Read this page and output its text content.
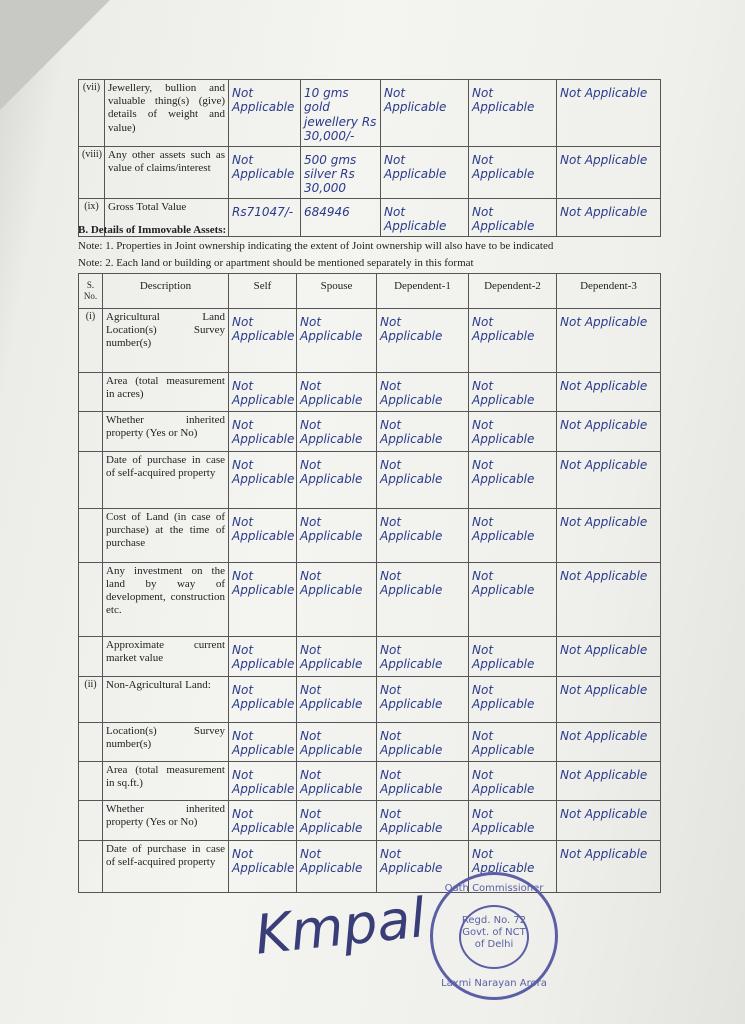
(vii)	Jewellery, bullion and valuable thing(s) (give) details of weight and value)	Not Applicable	10 gms gold jewellery Rs 30,000/-	Not Applicable	Not Applicable	Not Applicable
(viii)	Any other assets such as value of claims/interest	Not Applicable	500 gms silver Rs 30,000	Not Applicable	Not Applicable	Not Applicable
(ix)	Gross Total Value	Rs71047/-	684946	Not Applicable	Not Applicable	Not Applicable
B. Details of Immovable Assets:
Note: 1. Properties in Joint ownership indicating the extent of Joint ownership will also have to be indicated
Note: 2. Each land or building or apartment should be mentioned separately in this format
S. No.	Description	Self	Spouse	Dependent-1	Dependent-2	Dependent-3
(i)	Agricultural Land Location(s) Survey number(s)	Not Applicable	Not Applicable	Not Applicable	Not Applicable	Not Applicable
	Area (total measurement in acres)	Not Applicable	Not Applicable	Not Applicable	Not Applicable	Not Applicable
	Whether inherited property (Yes or No)	Not Applicable	Not Applicable	Not Applicable	Not Applicable	Not Applicable
	Date of purchase in case of self-acquired property	Not Applicable	Not Applicable	Not Applicable	Not Applicable	Not Applicable
	Cost of Land (in case of purchase) at the time of purchase	Not Applicable	Not Applicable	Not Applicable	Not Applicable	Not Applicable
	Any investment on the land by way of development, construction etc.	Not Applicable	Not Applicable	Not Applicable	Not Applicable	Not Applicable
	Approximate current market value	Not Applicable	Not Applicable	Not Applicable	Not Applicable	Not Applicable
(ii)	Non-Agricultural Land:	Not Applicable	Not Applicable	Not Applicable	Not Applicable	Not Applicable
	Location(s) Survey number(s)	Not Applicable	Not Applicable	Not Applicable	Not Applicable	Not Applicable
	Area (total measurement in sq.ft.)	Not Applicable	Not Applicable	Not Applicable	Not Applicable	Not Applicable
	Whether inherited property (Yes or No)	Not Applicable	Not Applicable	Not Applicable	Not Applicable	Not Applicable
	Date of purchase in case of self-acquired property	Not Applicable	Not Applicable	Not Applicable	Not Applicable	Not Applicable
Kmpal	Oath Commissioner
Regd. No. 72
Govt. of NCT
of Delhi
Laxmi Narayan Arora
